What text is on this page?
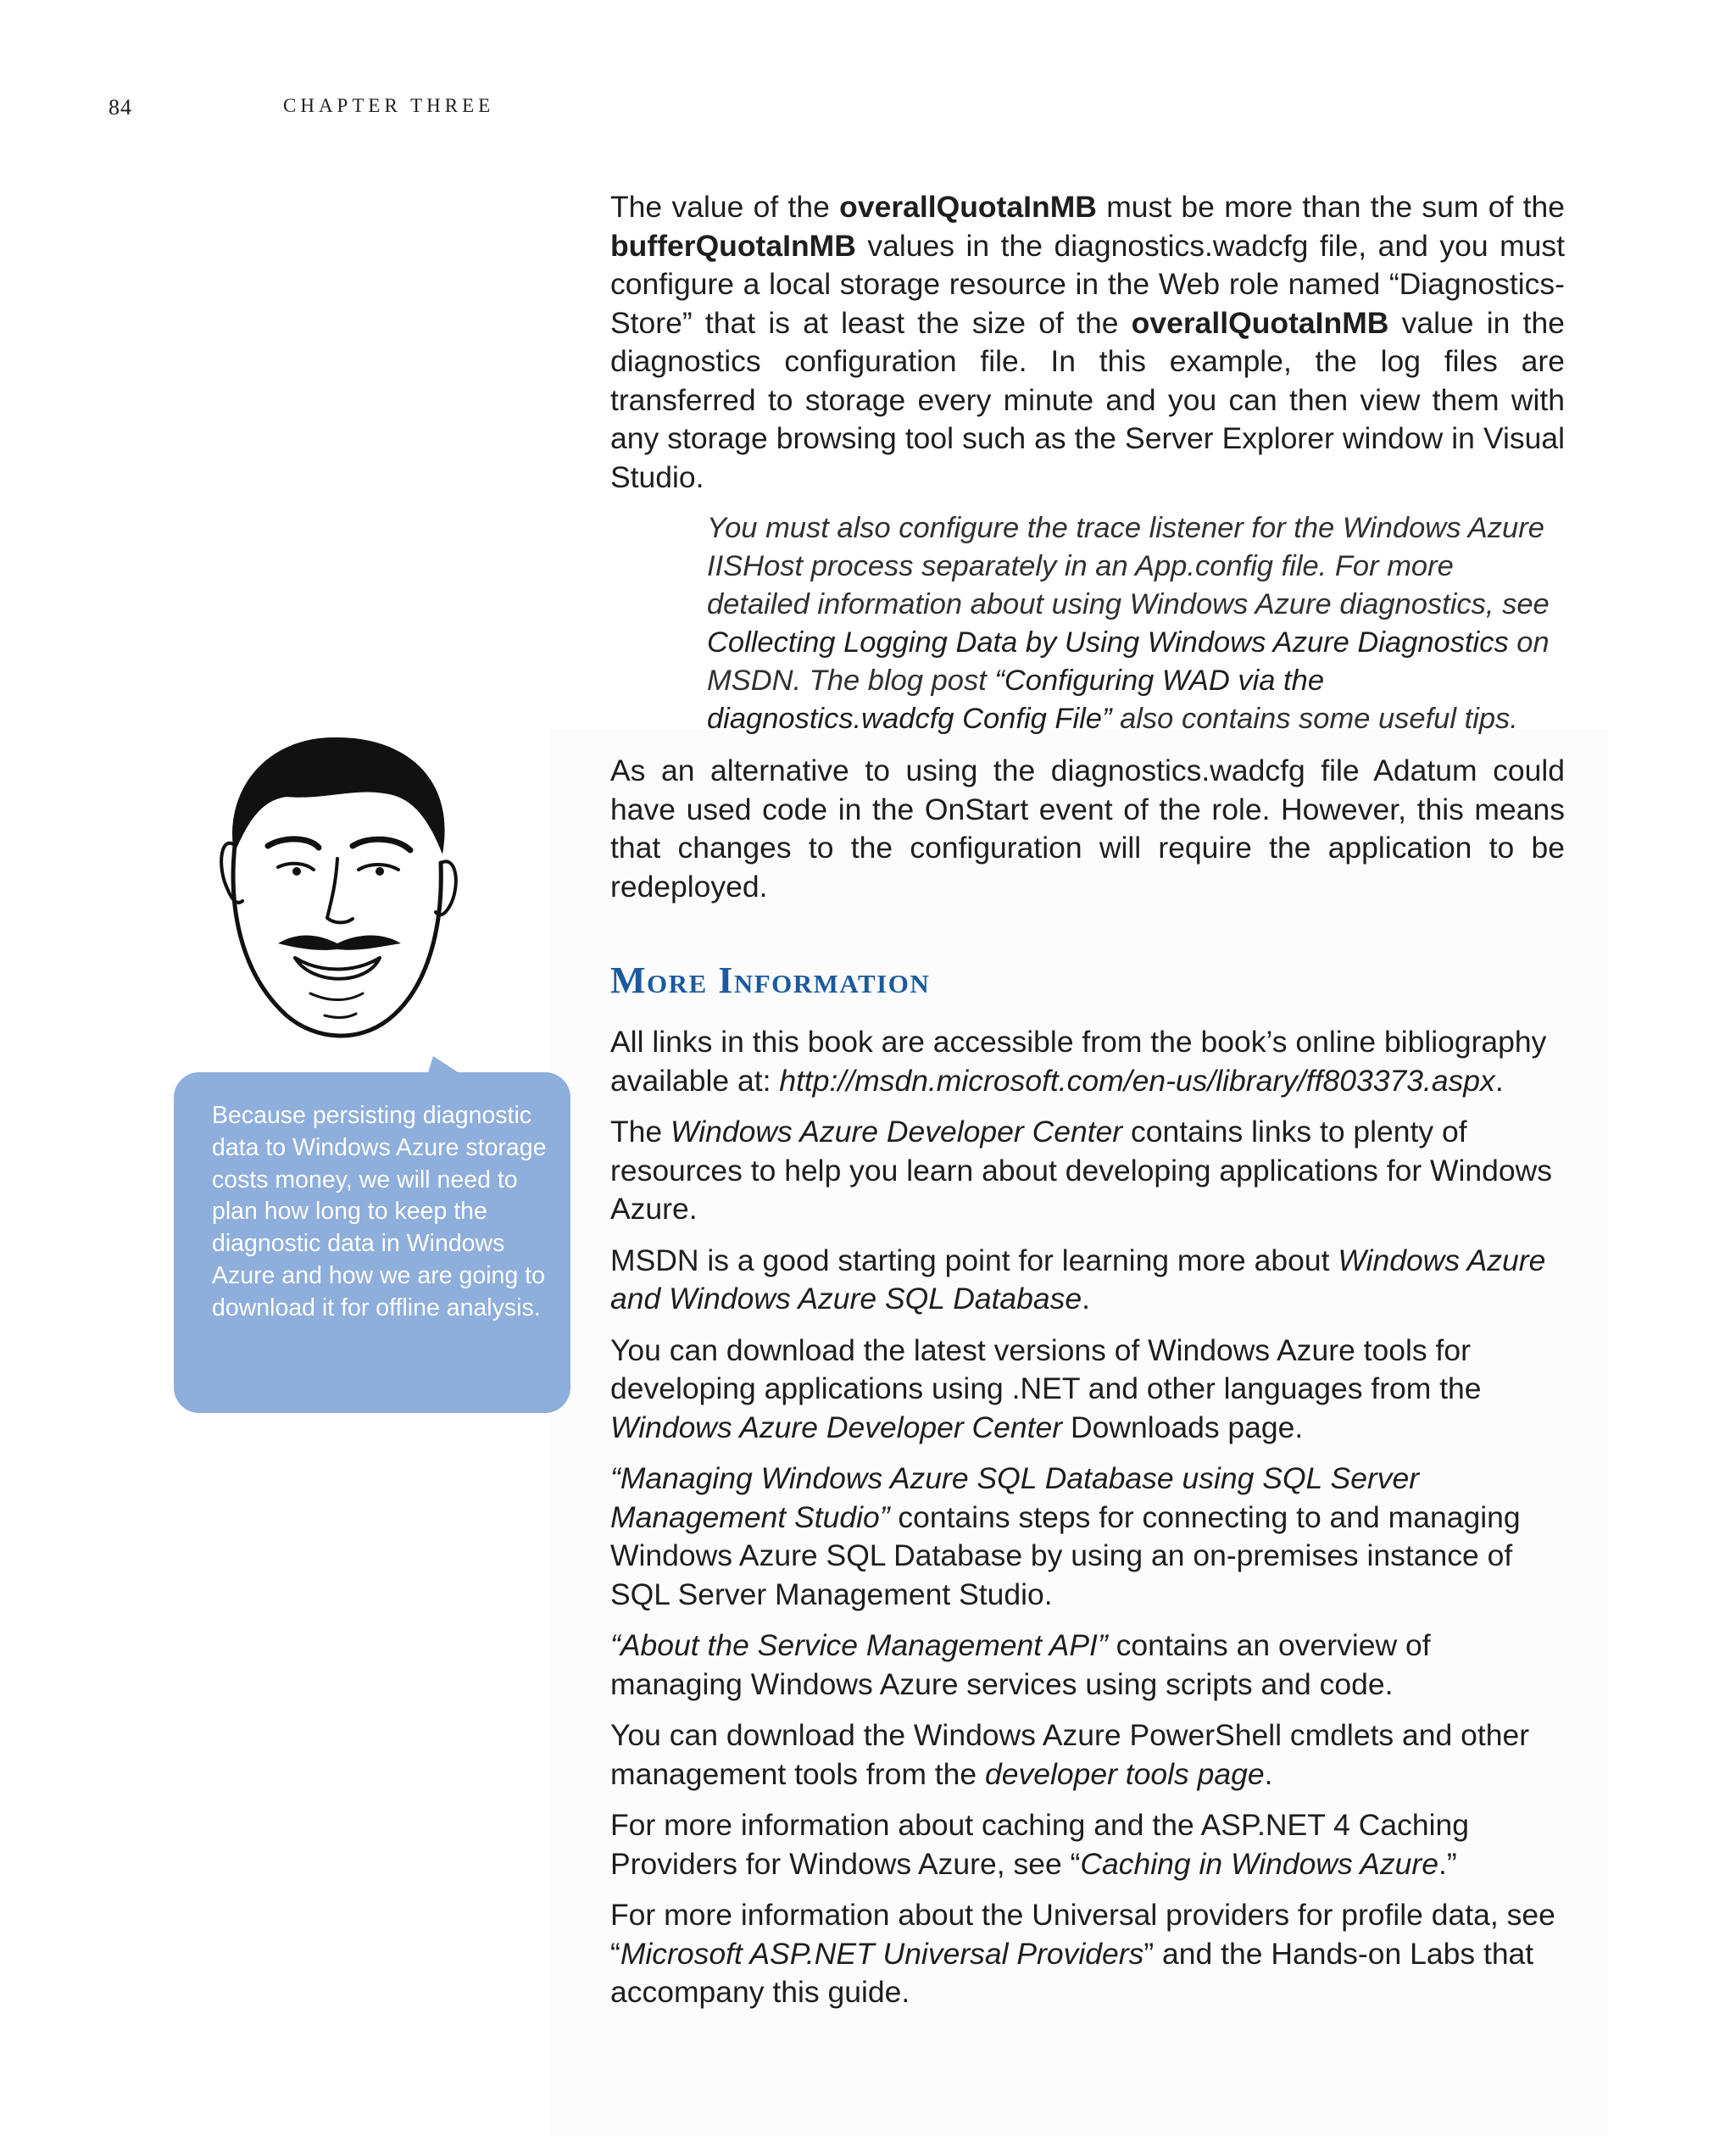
84	CHAPTER THREE

The value of the overallQuotaInMB must be more than the sum of the bufferQuotaInMB values in the diagnostics.wadcfg file, and you must configure a local storage resource in the Web role named “Diagnostics-Store” that is at least the size of the overallQuotaInMB value in the diagnostics configuration file. In this example, the log files are transferred to storage every minute and you can then view them with any storage browsing tool such as the Server Explorer window in Visual Studio.

You must also configure the trace listener for the Windows Azure IISHost process separately in an App.config file. For more detailed information about using Windows Azure diagnostics, see Collecting Logging Data by Using Windows Azure Diagnostics on MSDN. The blog post “Configuring WAD via the diagnostics.wadcfg Config File” also contains some useful tips.

As an alternative to using the diagnostics.wadcfg file Adatum could have used code in the OnStart event of the role. However, this means that changes to the configuration will require the application to be redeployed.

More Information

All links in this book are accessible from the book’s online bibliography available at: http://msdn.microsoft.com/en-us/library/ff803373.aspx.

The Windows Azure Developer Center contains links to plenty of resources to help you learn about developing applications for Windows Azure.

MSDN is a good starting point for learning more about Windows Azure and Windows Azure SQL Database.

You can download the latest versions of Windows Azure tools for developing applications using .NET and other languages from the Windows Azure Developer Center Downloads page.

“Managing Windows Azure SQL Database using SQL Server Management Studio” contains steps for connecting to and managing Windows Azure SQL Database by using an on-premises instance of SQL Server Management Studio.

“About the Service Management API” contains an overview of managing Windows Azure services using scripts and code.

You can download the Windows Azure PowerShell cmdlets and other management tools from the developer tools page.

For more information about caching and the ASP.NET 4 Caching Providers for Windows Azure, see “Caching in Windows Azure.”

For more information about the Universal providers for profile data, see “Microsoft ASP.NET Universal Providers” and the Hands-on Labs that accompany this guide.

Because persisting diagnostic data to Windows Azure storage costs money, we will need to plan how long to keep the diagnostic data in Windows Azure and how we are going to download it for offline analysis.
